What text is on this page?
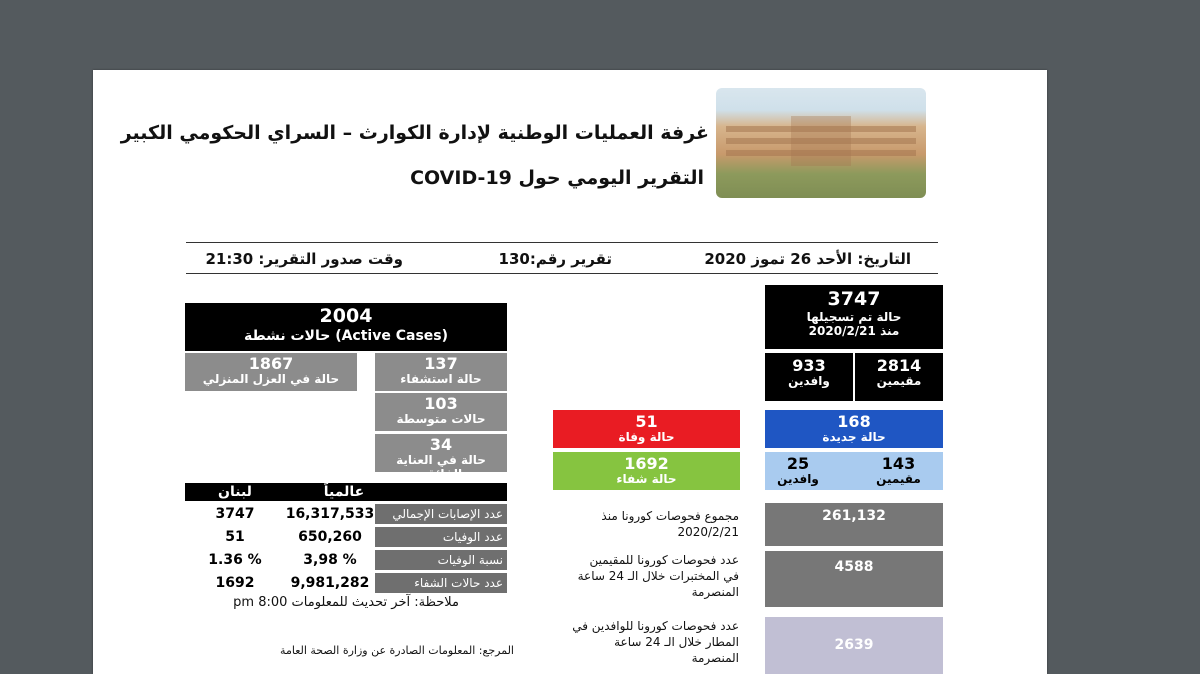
غرفة العمليات الوطنية لإدارة الكوارث – السراي الحكومي الكبير
التقرير اليومي حول COVID-19
التاريخ: الأحد 26 تموز 2020
تقرير رقم:130
وقت صدور التقرير: 21:30
3747
حالة تم تسجيلها
منذ 2020/2/21
2814
مقيمين
933
وافدين
168
حالة جديدة
143
مقيمين
25
وافدين
51
حالة وفاة
1692
حالة شفاء
2004
حالات نشطة (Active Cases)
1867
حالة في العزل المنزلي
137
حالة استشفاء
103
حالات متوسطة
34
حالة في العناية الفائقة
عالمياً
لبنان
عدد الإصابات الإجمالي
16,317,533
3747
عدد الوفيات
650,260
51
نسبة الوفيات
3,98 %
1.36 %
عدد حالات الشفاء
9,981,282
1692
ملاحظة: آخر تحديث للمعلومات 8:00 pm
المرجع: المعلومات الصادرة عن وزارة الصحة العامة
مجموع فحوصات كورونا منذ 2020/2/21
261,132
عدد فحوصات كورونا للمقيمين في المختبرات خلال الـ 24 ساعة المنصرمة
4588
عدد فحوصات كورونا للوافدين في المطار خلال الـ 24 ساعة المنصرمة
2639
